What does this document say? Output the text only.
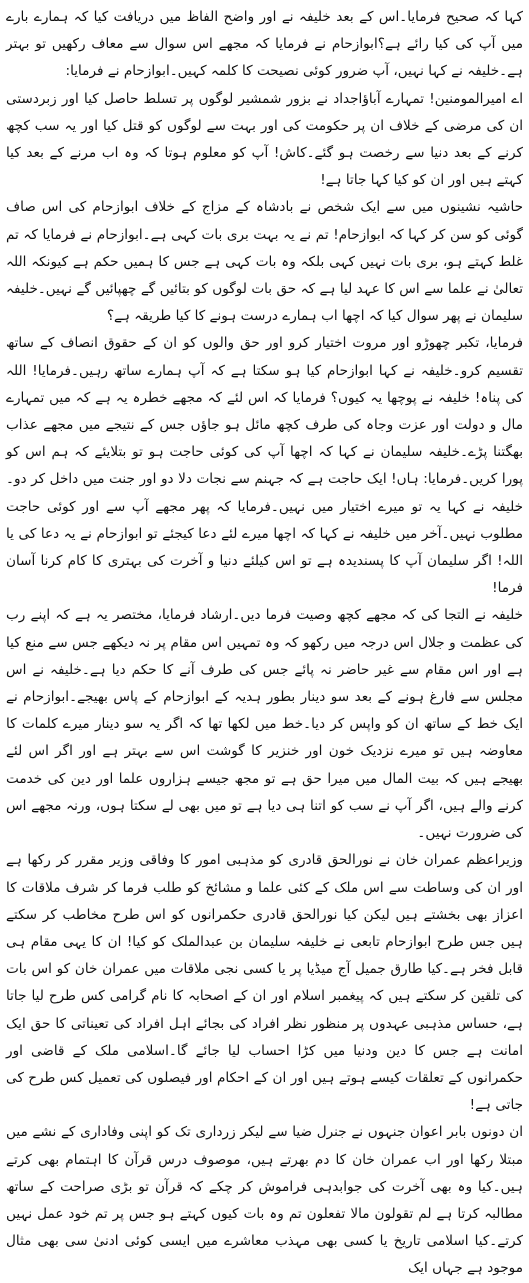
کہا کہ صحیح فرمایا۔اس کے بعد خلیفہ نے اور واضح الفاظ میں دریافت کیا کہ ہمارے بارے میں آپ کی کیا رائے ہے؟ابوازحام نے فرمایا کہ مجھے اس سوال سے معاف رکھیں تو بہتر ہے۔خلیفہ نے کہا نہیں، آپ ضرور کوئی نصیحت کا کلمہ کہیں۔ابوازحام نے فرمایا:

اے امیرالمومنین! تمہارے آباؤاجداد نے بزور شمشیر لوگوں پر تسلط حاصل کیا اور زبردستی ان کی مرضی کے خلاف ان پر حکومت کی اور بہت سے لوگوں کو قتل کیا اور یہ سب کچھ کرنے کے بعد دنیا سے رخصت ہو گئے۔کاش! آپ کو معلوم ہوتا کہ وہ اب مرنے کے بعد کیا کہتے ہیں اور ان کو کیا کہا جاتا ہے!

حاشیہ نشینوں میں سے ایک شخص نے بادشاہ کے مزاج کے خلاف ابوازحام کی اس صاف گوئی کو سن کر کہا کہ ابوازحام! تم نے یہ بہت بری بات کہی ہے۔ابوازحام نے فرمایا کہ تم غلط کہتے ہو، بری بات نہیں کہی بلکہ وہ بات کہی ہے جس کا ہمیں حکم ہے کیونکہ اللہ تعالیٰ نے علما سے اس کا عہد لیا ہے کہ حق بات لوگوں کو بتائیں گے چھپائیں گے نہیں۔خلیفہ سلیمان نے پھر سوال کیا کہ اچھا اب ہمارے درست ہونے کا کیا طریقہ ہے؟

فرمایا، تکبر چھوڑو اور مروت اختیار کرو اور حق والوں کو ان کے حقوق انصاف کے ساتھ تقسیم کرو۔خلیفہ نے کہا ابوازحام کیا ہو سکتا ہے کہ آپ ہمارے ساتھ رہیں۔فرمایا! اللہ کی پناہ! خلیفہ نے پوچھا یہ کیوں؟ فرمایا کہ اس لئے کہ مجھے خطرہ یہ ہے کہ میں تمہارے مال و دولت اور عزت وجاہ کی طرف کچھ مائل ہو جاؤں جس کے نتیجے میں مجھے عذاب بھگتنا پڑے۔خلیفہ سلیمان نے کہا کہ اچھا آپ کی کوئی حاجت ہو تو بتلایئے کہ ہم اس کو پورا کریں۔فرمایا: ہاں! ایک حاجت ہے کہ جہنم سے نجات دلا دو اور جنت میں داخل کر دو۔خلیفہ نے کہا یہ تو میرے اختیار میں نہیں۔فرمایا کہ پھر مجھے آپ سے اور کوئی حاجت مطلوب نہیں۔آخر میں خلیفہ نے کہا کہ اچھا میرے لئے دعا کیجئے تو ابوازحام نے یہ دعا کی یا اللہ! اگر سلیمان آپ کا پسندیدہ ہے تو اس کیلئے دنیا و آخرت کی بہتری کا کام کرنا آسان فرما!

خلیفہ نے التجا کی کہ مجھے کچھ وصیت فرما دیں۔ارشاد فرمایا، مختصر یہ ہے کہ اپنے رب کی عظمت و جلال اس درجہ میں رکھو کہ وہ تمہیں اس مقام پر نہ دیکھے جس سے منع کیا ہے اور اس مقام سے غیر حاضر نہ پائے جس کی طرف آنے کا حکم دیا ہے۔خلیفہ نے اس مجلس سے فارغ ہونے کے بعد سو دینار بطور ہدیہ کے ابوازحام کے پاس بھیجے۔ابوازحام نے ایک خط کے ساتھ ان کو واپس کر دیا۔خط میں لکھا تھا کہ اگر یہ سو دینار میرے کلمات کا معاوضہ ہیں تو میرے نزدیک خون اور خنزیر کا گوشت اس سے بہتر ہے اور اگر اس لئے بھیجے ہیں کہ بیت المال میں میرا حق ہے تو مجھ جیسے ہزاروں علما اور دین کی خدمت کرنے والے ہیں، اگر آپ نے سب کو اتنا ہی دیا ہے تو میں بھی لے سکتا ہوں، ورنہ مجھے اس کی ضرورت نہیں۔

وزیراعظم عمران خان نے نورالحق قادری کو مذہبی امور کا وفاقی وزیر مقرر کر رکھا ہے اور ان کی وساطت سے اس ملک کے کئی علما و مشائخ کو طلب فرما کر شرف ملاقات کا اعزاز بھی بخشتے ہیں لیکن کیا نورالحق قادری حکمرانوں کو اس طرح مخاطب کر سکتے ہیں جس طرح ابوازحام تابعی نے خلیفہ سلیمان بن عبدالملک کو کیا! ان کا یہی مقام ہی قابل فخر ہے۔کیا طارق جمیل آج میڈیا پر یا کسی نجی ملاقات میں عمران خان کو اس بات کی تلقین کر سکتے ہیں کہ پیغمبر اسلام اور ان کے اصحابہ کا نام گرامی کس طرح لیا جاتا ہے، حساس مذہبی عہدوں پر منظور نظر افراد کی بجائے اہل افراد کی تعیناتی کا حق ایک امانت ہے جس کا دین ودنیا میں کڑا احساب لیا جائے گا۔اسلامی ملک کے قاضی اور حکمرانوں کے تعلقات کیسے ہوتے ہیں اور ان کے احکام اور فیصلوں کی تعمیل کس طرح کی جاتی ہے!

ان دونوں بابر اعوان جنہوں نے جنرل ضیا سے لیکر زرداری تک کو اپنی وفاداری کے نشے میں مبتلا رکھا اور اب عمران خان کا دم بھرتے ہیں، موصوف درس قرآن کا اہتمام بھی کرتے ہیں۔کیا وہ بھی آخرت کی جوابدہی فراموش کر چکے کہ قرآن تو بڑی صراحت کے ساتھ مطالبہ کرتا ہے لم تقولون مالا تفعلون تم وہ بات کیوں کہتے ہو جس پر تم خود عمل نہیں کرتے۔کیا اسلامی تاریخ یا کسی بھی مہذب معاشرے میں ایسی کوئی ادنیٰ سی بھی مثال موجود ہے جہاں ایک
